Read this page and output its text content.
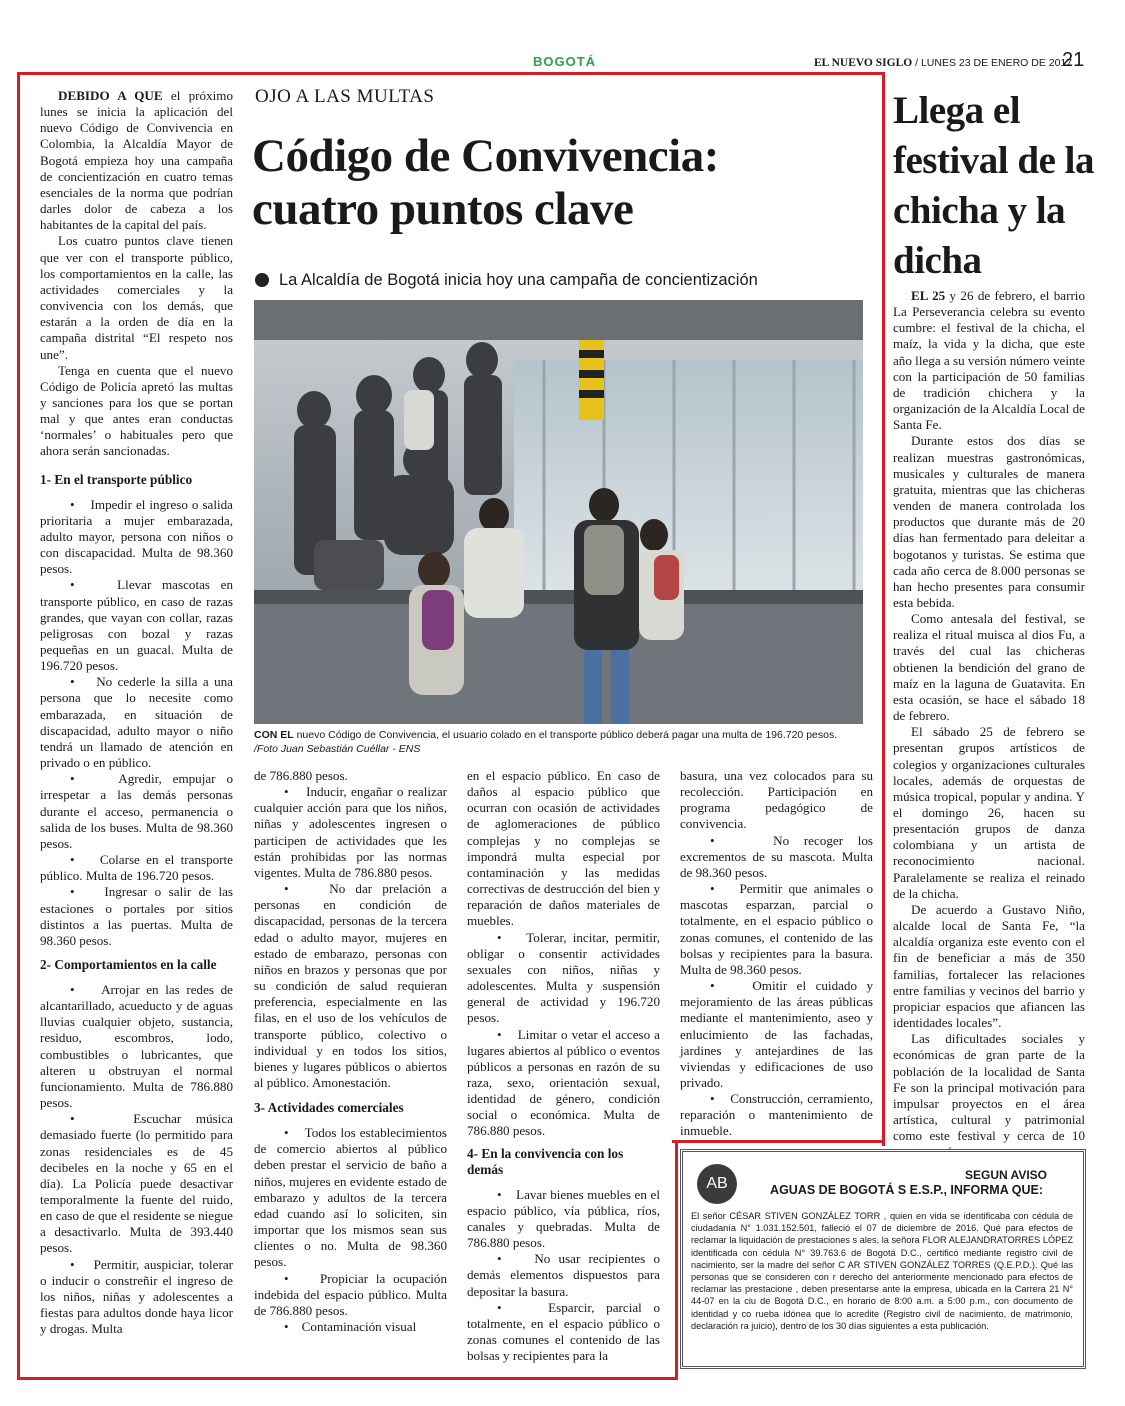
BOGOTÁ	EL NUEVO SIGLO / LUNES 23 DE ENERO DE 2017
21

DEBIDO A QUE el próximo lunes se inicia la aplicación del nuevo Código de Convivencia en Colombia, la Alcaldía Mayor de Bogotá empieza hoy una campaña de concientización en cuatro temas esenciales de la norma que podrían darles dolor de cabeza a los habitantes de la capital del país.

Los cuatro puntos clave tienen que ver con el transporte público, los comportamientos en la calle, las actividades comerciales y la convivencia con los demás, que estarán a la orden de día en la campaña distrital “El respeto nos une”.

Tenga en cuenta que el nuevo Código de Policía apretó las multas y sanciones para los que se portan mal y que antes eran conductas ‘normales’ o habituales pero que ahora serán sancionadas.

1- En el transporte público

•    Impedir el ingreso o salida prioritaria a mujer embarazada, adulto mayor, persona con niños o con discapacidad. Multa de 98.360 pesos.

•    Llevar mascotas en transporte público, en caso de razas grandes, que vayan con collar, razas peligrosas con bozal y razas pequeñas en un guacal. Multa de 196.720 pesos.

•    No cederle la silla a una persona que lo necesite como embarazada, en situación de discapacidad, adulto mayor o niño tendrá un llamado de atención en privado o en público.

•    Agredir, empujar o irrespetar a las demás personas durante el acceso, permanencia o salida de los buses. Multa de 98.360 pesos.

•    Colarse en el transporte público. Multa de 196.720 pesos.

•    Ingresar o salir de las estaciones o portales por sitios distintos a las puertas. Multa de 98.360 pesos.

2- Comportamientos en la calle

•    Arrojar en las redes de alcantarillado, acueducto y de aguas lluvias cualquier objeto, sustancia, residuo, escombros, lodo, combustibles o lubricantes, que alteren u obstruyan el normal funcionamiento. Multa de 786.880 pesos.

•    Escuchar música demasiado fuerte (lo permitido para zonas residenciales es de 45 decibeles en la noche y 65 en el día). La Policía puede desactivar temporalmente la fuente del ruido, en caso de que el residente se niegue a desactivarlo. Multa de 393.440 pesos.

•    Permitir, auspiciar, tolerar o inducir o constreñir el ingreso de los niños, niñas y adolescentes a fiestas para adultos donde haya licor y drogas. Multa

OJO A LAS MULTAS
Código de Convivencia:
cuatro puntos clave
La Alcaldía de Bogotá inicia hoy una campaña de concientización
CON EL nuevo Código de Convivencia, el usuario colado en el transporte público deberá pagar una multa de 196.720 pesos. /Foto Juan Sebastián Cuéllar - ENS

de 786.880 pesos.

•    Inducir, engañar o realizar cualquier acción para que los niños, niñas y adolescentes ingresen o participen de actividades que les están prohibidas por las normas vigentes. Multa de 786.880 pesos.

•    No dar prelación a personas en condición de discapacidad, personas de la tercera edad o adulto mayor, mujeres en estado de embarazo, personas con niños en brazos y personas que por su condición de salud requieran preferencia, especialmente en las filas, en el uso de los vehículos de transporte público, colectivo o individual y en todos los sitios, bienes y lugares públicos o abiertos al público. Amonestación.

3- Actividades comerciales

•    Todos los establecimientos de comercio abiertos al público deben prestar el servicio de baño a niños, mujeres en evidente estado de embarazo y adultos de la tercera edad cuando así lo soliciten, sin importar que los mismos sean sus clientes o no. Multa de 98.360 pesos.

•    Propiciar la ocupación indebida del espacio público. Multa de 786.880 pesos.

•    Contaminación visual

en el espacio público. En caso de daños al espacio público que ocurran con ocasión de actividades de aglomeraciones de público complejas y no complejas se impondrá multa especial por contaminación y las medidas correctivas de destrucción del bien y reparación de daños materiales de muebles.

•    Tolerar, incitar, permitir, obligar o consentir actividades sexuales con niños, niñas y adolescentes. Multa y suspensión general de actividad y 196.720 pesos.

•    Limitar o vetar el acceso a lugares abiertos al público o eventos públicos a personas en razón de su raza, sexo, orientación sexual, identidad de género, condición social o económica. Multa de 786.880 pesos.

4- En la convivencia con los demás

•    Lavar bienes muebles en el espacio público, vía pública, ríos, canales y quebradas. Multa de 786.880 pesos.

•    No usar recipientes o demás elementos dispuestos para depositar la basura.

•    Esparcir, parcial o totalmente, en el espacio público o zonas comunes el contenido de las bolsas y recipientes para la

basura, una vez colocados para su recolección. Participación en programa pedagógico de convivencia.

•    No recoger los excrementos de su mascota. Multa de 98.360 pesos.

•    Permitir que animales o mascotas esparzan, parcial o totalmente, en el espacio público o zonas comunes, el contenido de las bolsas y recipientes para la basura. Multa de 98.360 pesos.

•    Omitir el cuidado y mejoramiento de las áreas públicas mediante el mantenimiento, aseo y enlucimiento de las fachadas, jardines y antejardines de las viviendas y edificaciones de uso privado.

•    Construcción, cerramiento, reparación o mantenimiento de inmueble.

Llega el festival de la chicha y la dicha

EL 25 y 26 de febrero, el barrio La Perseverancia celebra su evento cumbre: el festival de la chicha, el maíz, la vida y la dicha, que este año llega a su versión número veinte con la participación de 50 familias de tradición chichera y la organización de la Alcaldía Local de Santa Fe.

Durante estos dos días se realizan muestras gastronómicas, musicales y culturales de manera gratuita, mientras que las chicheras venden de manera controlada los productos que durante más de 20 días han fermentado para deleitar a bogotanos y turistas. Se estima que cada año cerca de 8.000 personas se han hecho presentes para consumir esta bebida.

Como antesala del festival, se realiza el ritual muisca al dios Fu, a través del cual las chicheras obtienen la bendición del grano de maíz en la laguna de Guatavita. En esta ocasión, se hace el sábado 18 de febrero.

El sábado 25 de febrero se presentan grupos artísticos de colegios y organizaciones culturales locales, además de orquestas de música tropical, popular y andina. Y el domingo 26, hacen su presentación grupos de danza colombiana y un artista de reconocimiento nacional. Paralelamente se realiza el reinado de la chicha.

De acuerdo a Gustavo Niño, alcalde local de Santa Fe, “la alcaldía organiza este evento con el fin de beneficiar a más de 350 familias, fortalecer las relaciones entre familias y vecinos del barrio y propiciar espacios que afiancen las identidades locales”.

Las dificultades sociales y económicas de gran parte de la población de la localidad de Santa Fe son la principal motivación para impulsar proyectos en el área artística, cultural y patrimonial como este festival y cerca de 10

AB	SEGUN AVISO
AGUAS DE BOGOTÁ S E.S.P., INFORMA QUE:
El señor CÉSAR STIVEN GONZÁLEZ TORR , quien en vida se identificaba con cédula de ciudadanía N° 1.031.152.501, falleció el 07 de diciembre de 2016. Qué para efectos de reclamar la liquidación de prestaciones s ales, la señora FLOR ALEJANDRATORRES LÓPEZ identificada con cédula N° 39.763.6 de Bogotá D.C., certificó mediante registro civil de nacimiento, ser la madre del señor C AR STIVEN GONZÁLEZ TORRES (Q.E.P.D.). Qué las personas que se consideren con r derecho del anteriormente mencionado para efectos de reclamar las prestacione , deben presentarse ante la empresa, ubicada en la Carrera 21 N° 44-07 en la ciu de Bogotá D.C., en horario de 8:00 a.m. a 5:00 p.m., con documento de identidad y co rueba idónea que lo acredite (Registro civil de nacimiento, de matrimonio, declaración ra juicio), dentro de los 30 días siguientes a esta publicación.
